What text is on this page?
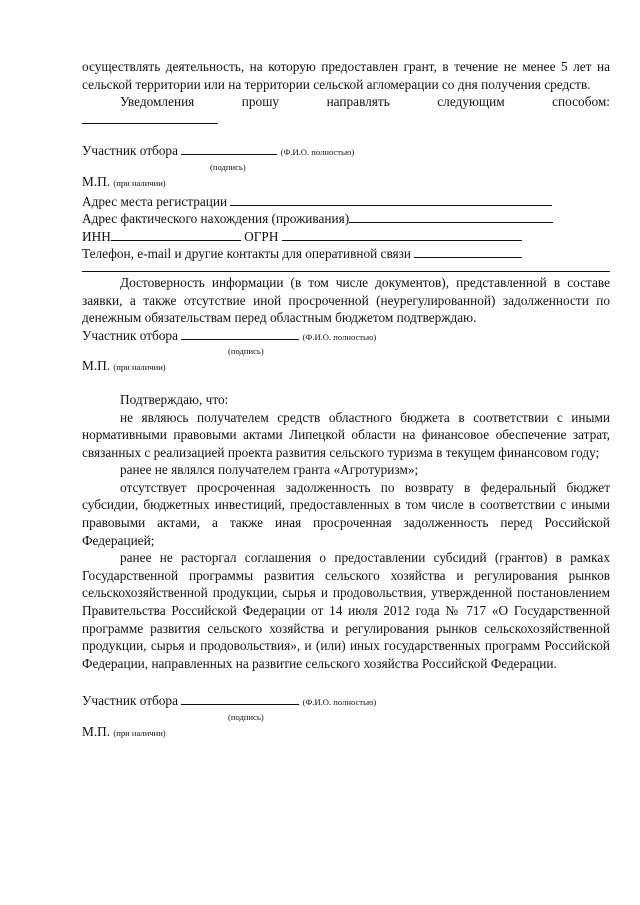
осуществлять деятельность, на которую предоставлен грант, в течение не менее 5 лет на сельской территории или на территории сельской агломерации со дня получения средств.
Уведомления	прошу	направлять	следующим	способом:
Участник отбора	(Ф.И.О. полностью)
(подпись)
М.П. (при наличии)
Адрес места регистрации
Адрес фактического нахождения (проживания)
ИНН	ОГРН
Телефон, e-mail и другие контакты для оперативной связи
Достоверность информации (в том числе документов), представленной в составе заявки, а также отсутствие иной просроченной (неурегулированной) задолженности по денежным обязательствам перед областным бюджетом подтверждаю.
Участник отбора	(Ф.И.О. полностью)
(подпись)
М.П. (при наличии)
Подтверждаю, что:
не являюсь получателем средств областного бюджета в соответствии с иными нормативными правовыми актами Липецкой области на финансовое обеспечение затрат, связанных с реализацией проекта развития сельского туризма в текущем финансовом году;
ранее не являлся получателем гранта «Агротуризм»;
отсутствует просроченная задолженность по возврату в федеральный бюджет субсидии, бюджетных инвестиций, предоставленных в том числе в соответствии с иными правовыми актами, а также иная просроченная задолженность перед Российской Федерацией;
ранее не расторгал соглашения о предоставлении субсидий (грантов) в рамках Государственной программы развития сельского хозяйства и регулирования рынков сельскохозяйственной продукции, сырья и продовольствия, утвержденной постановлением Правительства Российской Федерации от 14 июля 2012 года № 717 «О Государственной программе развития сельского хозяйства и регулирования рынков сельскохозяйственной продукции, сырья и продовольствия», и (или) иных государственных программ Российской Федерации, направленных на развитие сельского хозяйства Российской Федерации.
Участник отбора	(Ф.И.О. полностью)
(подпись)
М.П. (при наличии)
